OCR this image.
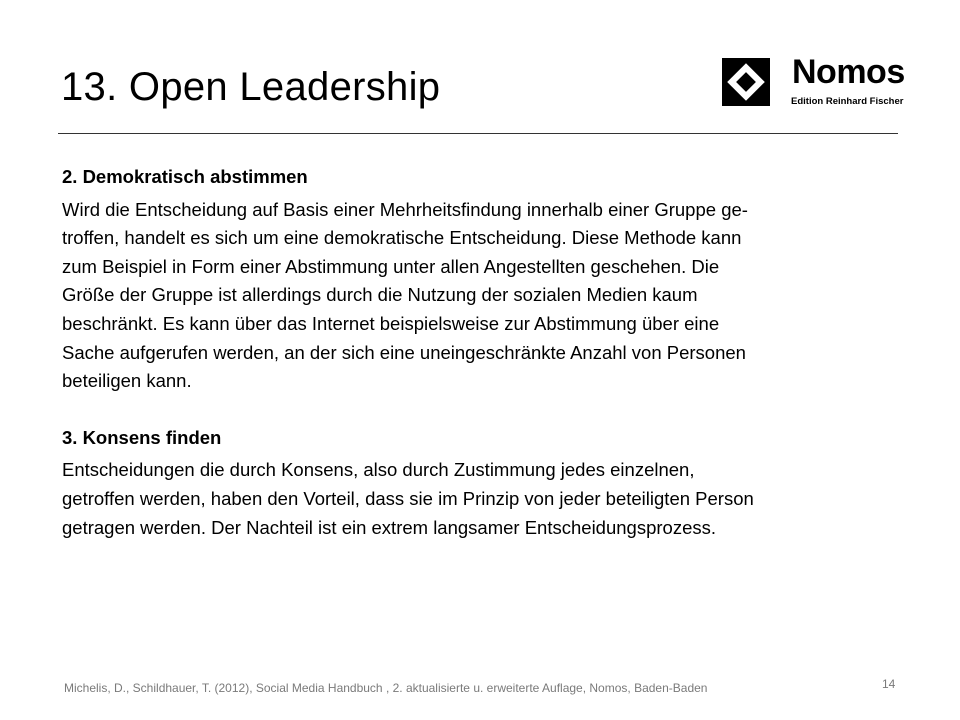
13. Open Leadership	Nomos
Edition Reinhard Fischer
2. Demokratisch abstimmen

Wird die Entscheidung auf Basis einer Mehrheitsfindung innerhalb einer Gruppe ge-
troffen, handelt es sich um eine demokratische Entscheidung. Diese Methode kann
zum Beispiel in Form einer Abstimmung unter allen Angestellten geschehen. Die
Größe der Gruppe ist allerdings durch die Nutzung der sozialen Medien kaum
beschränkt. Es kann über das Internet beispielsweise zur Abstimmung über eine
Sache aufgerufen werden, an der sich eine uneingeschränkte Anzahl von Personen
beteiligen kann.

3. Konsens finden

Entscheidungen die durch Konsens, also durch Zustimmung jedes einzelnen,
getroffen werden, haben den Vorteil, dass sie im Prinzip von jeder beteiligten Person
getragen werden. Der Nachteil ist ein extrem langsamer Entscheidungsprozess.

Michelis, D., Schildhauer, T. (2012), Social Media Handbuch , 2. aktualisierte u. erweiterte Auflage, Nomos, Baden-Baden	14
